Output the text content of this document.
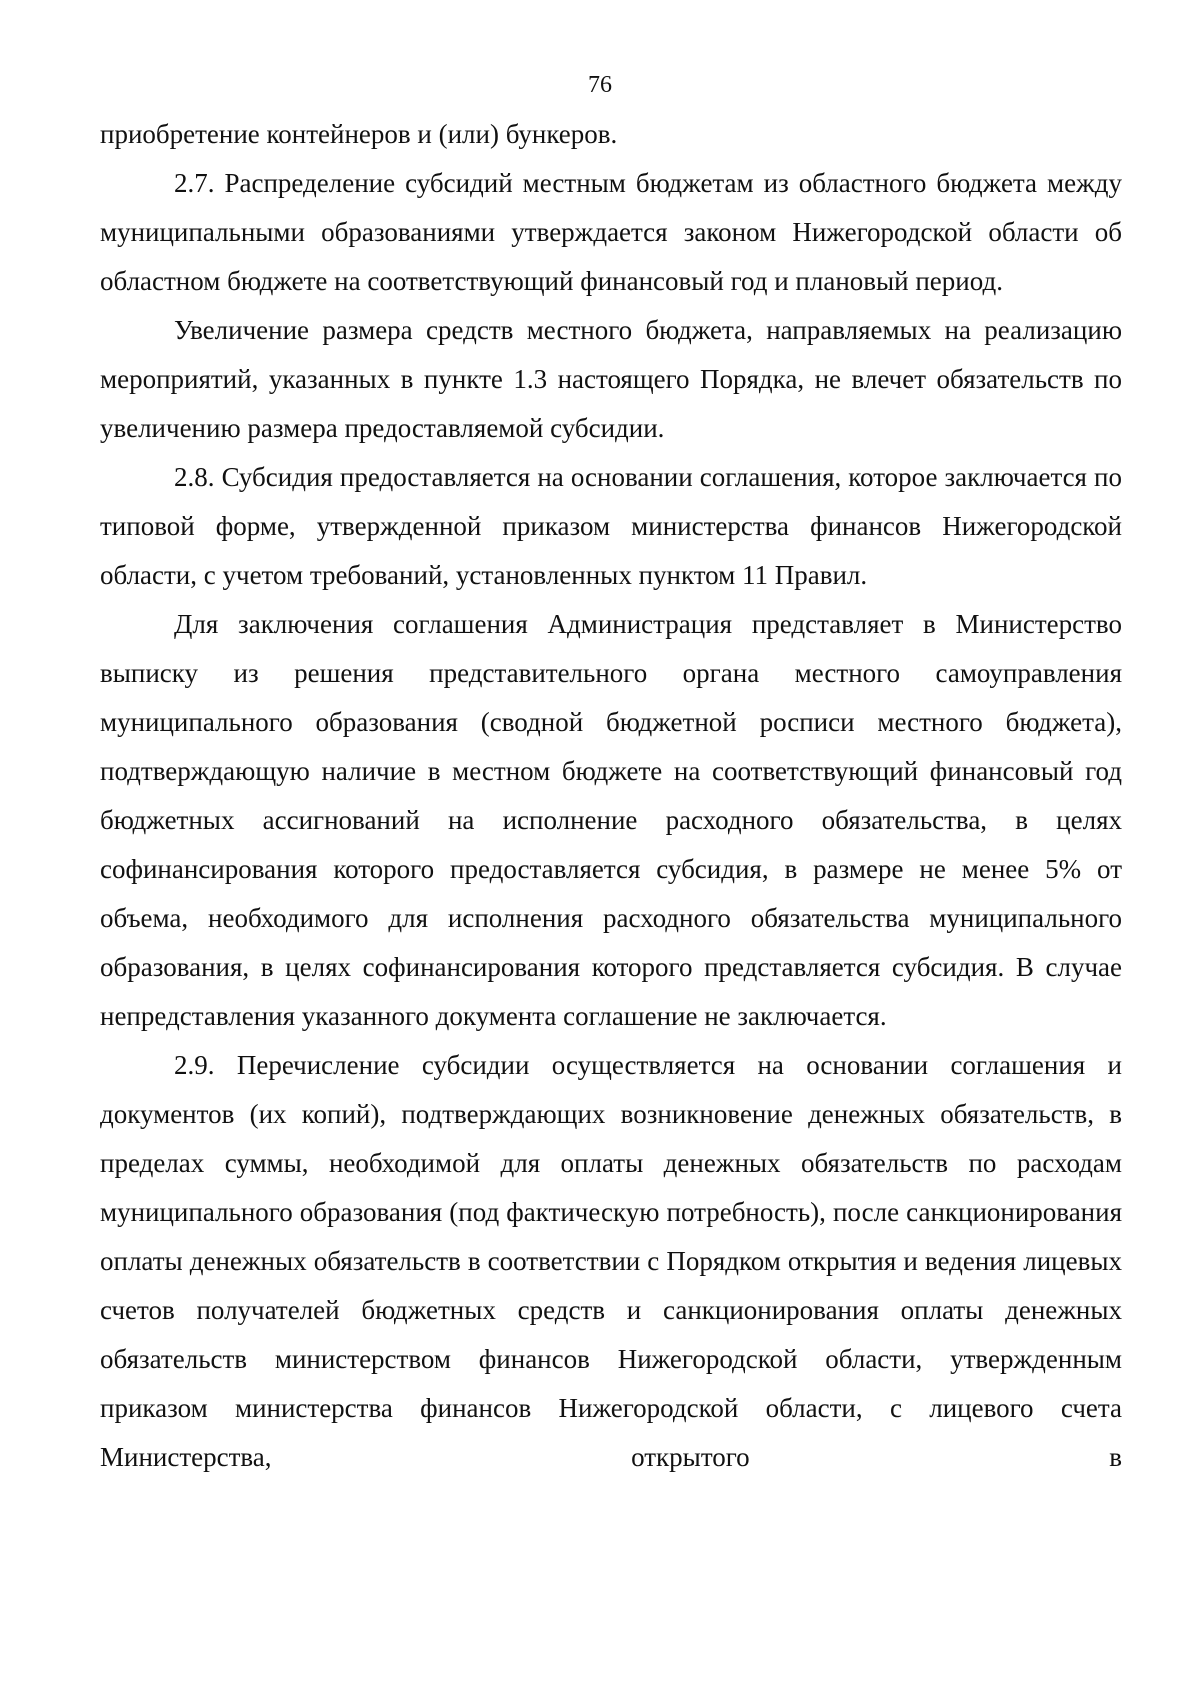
76

приобретение контейнеров и (или) бункеров.

2.7. Распределение субсидий местным бюджетам из областного бюджета между муниципальными образованиями утверждается законом Нижегородской области об областном бюджете на соответствующий финансовый год и плановый период.

Увеличение размера средств местного бюджета, направляемых на реализацию мероприятий, указанных в пункте 1.3 настоящего Порядка, не влечет обязательств по увеличению размера предоставляемой субсидии.

2.8. Субсидия предоставляется на основании соглашения, которое заключается по типовой форме, утвержденной приказом министерства финансов Нижегородской области, с учетом требований, установленных пунктом 11 Правил.

Для заключения соглашения Администрация представляет в Министерство выписку из решения представительного органа местного самоуправления муниципального образования (сводной бюджетной росписи местного бюджета), подтверждающую наличие в местном бюджете на соответствующий финансовый год бюджетных ассигнований на исполнение расходного обязательства, в целях софинансирования которого предоставляется субсидия, в размере не менее 5% от объема, необходимого для исполнения расходного обязательства муниципального образования, в целях софинансирования которого представляется субсидия. В случае непредставления указанного документа соглашение не заключается.

2.9. Перечисление субсидии осуществляется на основании соглашения и документов (их копий), подтверждающих возникновение денежных обязательств, в пределах суммы, необходимой для оплаты денежных обязательств по расходам муниципального образования (под фактическую потребность), после санкционирования оплаты денежных обязательств в соответствии с Порядком открытия и ведения лицевых счетов получателей бюджетных средств и санкционирования оплаты денежных обязательств министерством финансов Нижегородской области, утвержденным приказом министерства финансов Нижегородской области, с лицевого счета Министерства, открытого в
